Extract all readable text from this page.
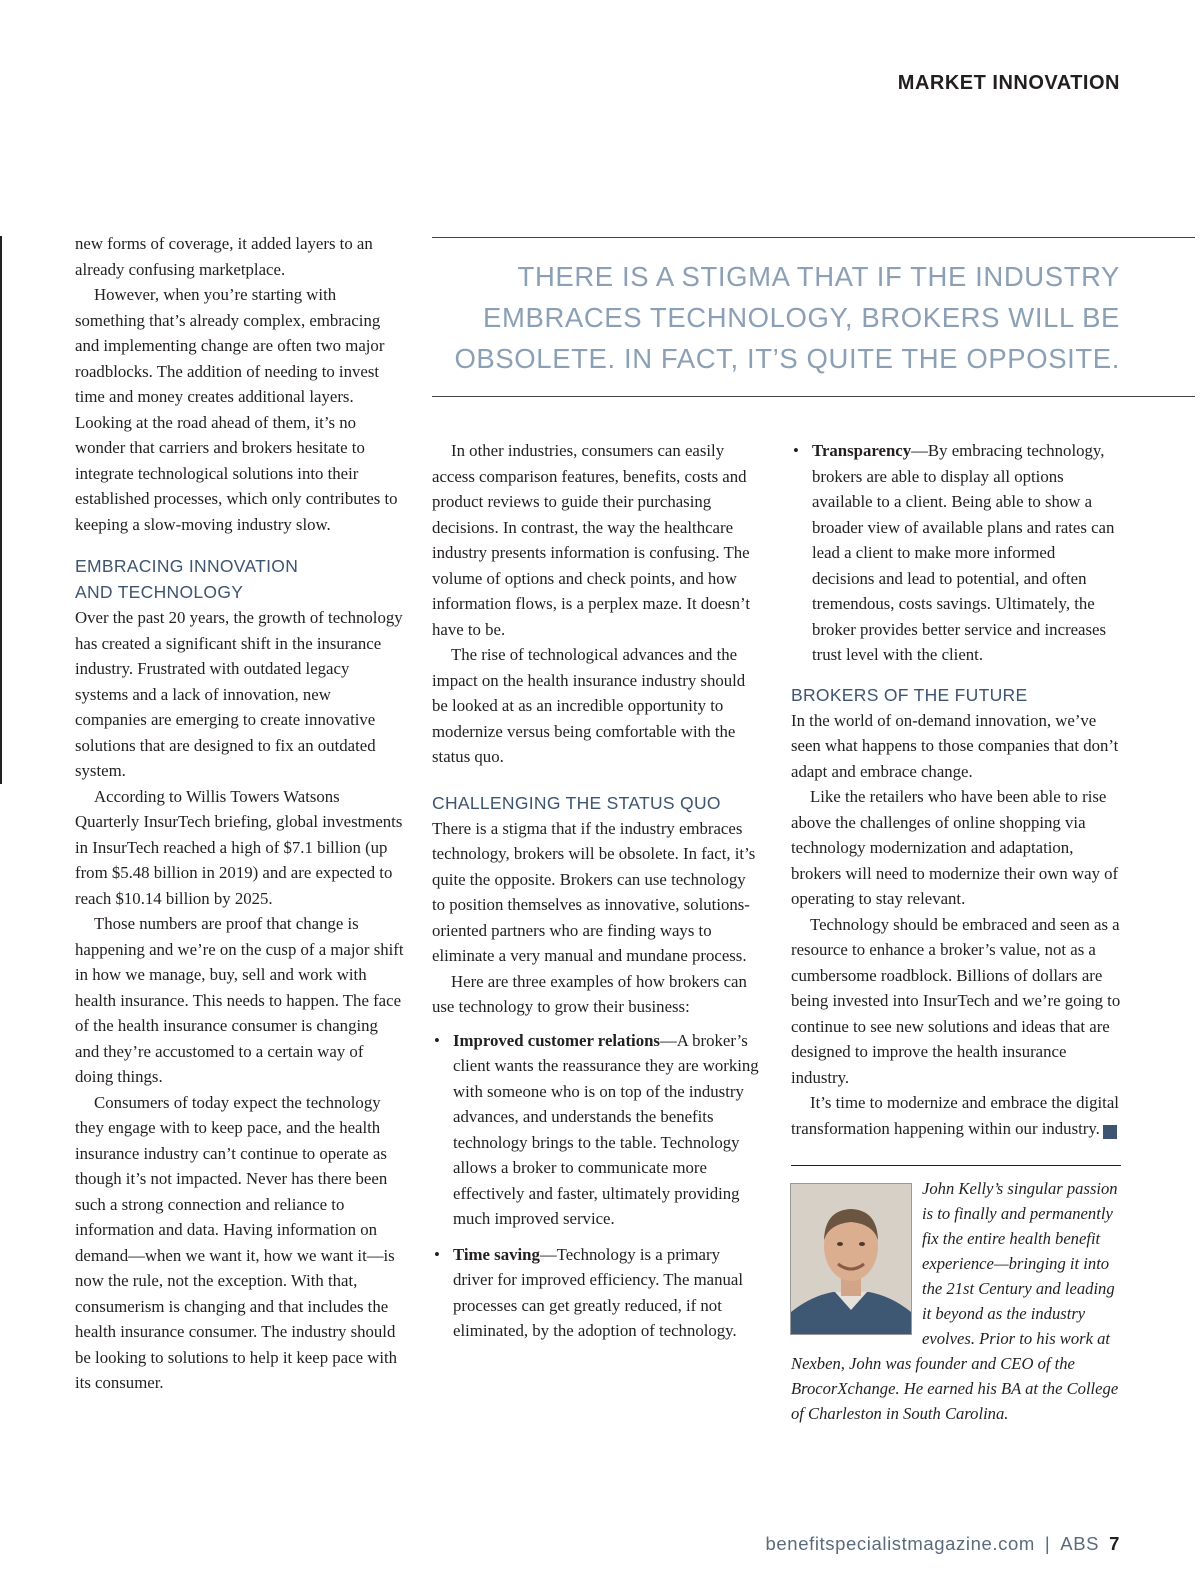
MARKET INNOVATION

new forms of coverage, it added layers to an already confusing marketplace.

However, when you’re starting with something that’s already complex, embracing and implementing change are often two major roadblocks. The addition of needing to invest time and money creates additional layers. Looking at the road ahead of them, it’s no wonder that carriers and brokers hesitate to integrate technological solutions into their established processes, which only contributes to keeping a slow-moving industry slow.

EMBRACING INNOVATION
AND TECHNOLOGY

Over the past 20 years, the growth of technology has created a significant shift in the insurance industry. Frustrated with outdated legacy systems and a lack of innovation, new companies are emerging to create innovative solutions that are designed to fix an outdated system.

According to Willis Towers Watsons Quarterly InsurTech briefing, global investments in InsurTech reached a high of $7.1 billion (up from $5.48 billion in 2019) and are expected to reach $10.14 billion by 2025.

Those numbers are proof that change is happening and we’re on the cusp of a major shift in how we manage, buy, sell and work with health insurance. This needs to happen. The face of the health insurance consumer is changing and they’re accustomed to a certain way of doing things.

Consumers of today expect the technology they engage with to keep pace, and the health insurance industry can’t continue to operate as though it’s not impacted. Never has there been such a strong connection and reliance to information and data. Having information on demand—when we want it, how we want it—is now the rule, not the exception. With that, consumerism is changing and that includes the health insurance consumer. The industry should be looking to solutions to help it keep pace with its consumer.

THERE IS A STIGMA THAT IF THE INDUSTRY EMBRACES TECHNOLOGY, BROKERS WILL BE OBSOLETE. IN FACT, IT’S QUITE THE OPPOSITE.

In other industries, consumers can easily access comparison features, benefits, costs and product reviews to guide their purchasing decisions. In contrast, the way the healthcare industry presents information is confusing. The volume of options and check points, and how information flows, is a perplex maze. It doesn’t have to be.

The rise of technological advances and the impact on the health insurance industry should be looked at as an incredible opportunity to modernize versus being comfortable with the status quo.

CHALLENGING THE STATUS QUO

There is a stigma that if the industry embraces technology, brokers will be obsolete. In fact, it’s quite the opposite. Brokers can use technology to position themselves as innovative, solutions-oriented partners who are finding ways to eliminate a very manual and mundane process.

Here are three examples of how brokers can use technology to grow their business:

• Improved customer relations—A broker’s client wants the reassurance they are working with someone who is on top of the industry advances, and understands the benefits technology brings to the table. Technology allows a broker to communicate more effectively and faster, ultimately providing much improved service.
• Time saving—Technology is a primary driver for improved efficiency. The manual processes can get greatly reduced, if not eliminated, by the adoption of technology.
• Transparency—By embracing technology, brokers are able to display all options available to a client. Being able to show a broader view of available plans and rates can lead a client to make more informed decisions and lead to potential, and often tremendous, costs savings. Ultimately, the broker provides better service and increases trust level with the client.
BROKERS OF THE FUTURE

In the world of on-demand innovation, we’ve seen what happens to those companies that don’t adapt and embrace change.

Like the retailers who have been able to rise above the challenges of online shopping via technology modernization and adaptation, brokers will need to modernize their own way of operating to stay relevant.

Technology should be embraced and seen as a resource to enhance a broker’s value, not as a cumbersome roadblock. Billions of dollars are being invested into InsurTech and we’re going to continue to see new solutions and ideas that are designed to improve the health insurance industry.

It’s time to modernize and embrace the digital transformation happening within our industry.	ABS

John Kelly’s singular passion is to finally and permanently fix the entire health benefit experience—bringing it into the 21st Century and leading it beyond as the industry evolves. Prior to his work at Nexben, John was founder and CEO of the BrocorXchange. He earned his BA at the College of Charleston in South Carolina.
benefitspecialistmagazine.com | ABS 7
